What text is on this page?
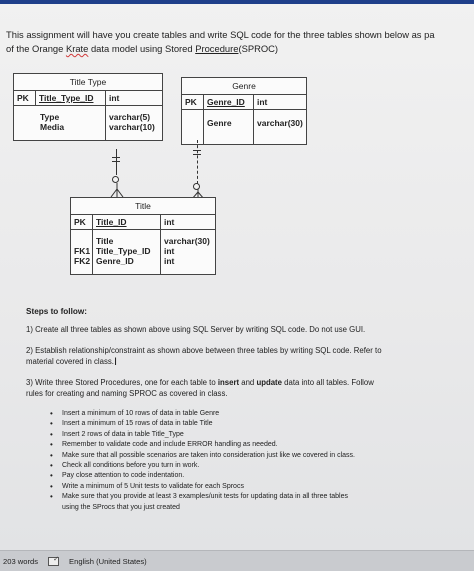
This assignment will have you create tables and write SQL code for the three tables shown below as pa
of the Orange Krate data model using Stored Procedure(SPROC)
Title Type
PK	Title_Type_ID	int
Type
Media
varchar(5)
varchar(10)
Genre
PK	Genre_ID	int
Genre	varchar(30)
Title
PK	Title_ID	int
FK1
FK2
Title
Title_Type_ID
Genre_ID
varchar(30)
int
int
Steps to follow:

1) Create all three tables as shown above using SQL Server by writing SQL code. Do not use GUI.

2) Establish relationship/constraint as shown above between three tables by writing SQL code. Refer to
material covered in class.I

3) Write three Stored Procedures, one for each table to insert and update data into all tables. Follow
rules for creating and naming SPROC as covered in class.

• Insert a minimum of 10 rows of data in table Genre
• Insert a minimum of 15 rows of data in table Title
• Insert 2 rows of data in table Title_Type
• Remember to validate code and include ERROR handling as needed.
• Make sure that all possible scenarios are taken into consideration just like we covered in class.
• Check all conditions before you turn in work.
• Pay close attention to code indentation.
• Write a minimum of 5 Unit tests to validate for each Sprocs
• Make sure that you provide at least 3 examples/unit tests for updating data in all three tables
using the SProcs that you just created
203 words
✓	English (United States)
